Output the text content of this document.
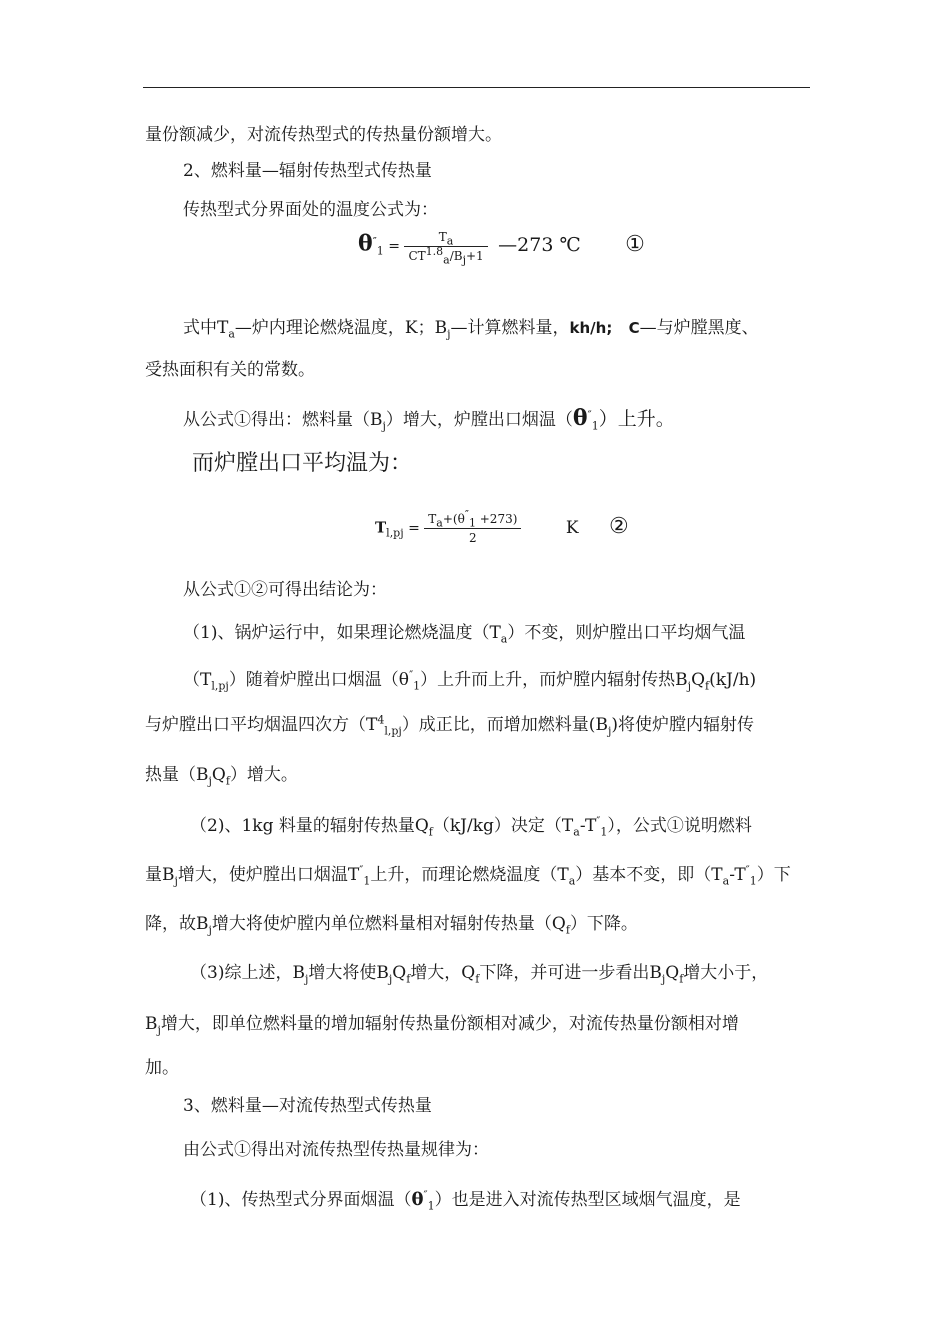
量份额减少，对流传热型式的传热量份额增大。
2、燃料量—辐射传热型式传热量
传热型式分界面处的温度公式为：
$\theta''_1 = \frac{T_a}{CT^{1.8}_a/B_j+1}$ —273 ℃ ①
式中$T_a—$炉内理论燃烧温度，K；$B_j—$计算燃料量，kh/h; C—与炉膛黑度、
受热面积有关的常数。
从公式①得出：燃料量$(B_j)$增大，炉膛出口烟温$(\theta''_1)$上升。
而炉膛出口平均温为：
$T_{l,pj} = \frac{T_a+(\theta''_1 +273)}{2}$	K ②
从公式①②可得出结论为：
（1)、锅炉运行中，如果理论燃烧温度$(T_a)$不变，则炉膛出口平均烟气温
$(T_{l,pj})$随着炉膛出口烟温$(\theta''_1)$上升而上升，而炉膛内辐射传热$B_jQ_f(kJ/h)$
与炉膛出口平均烟温四次方$(T^4_{l,pj})$成正比，而增加燃料量$(B_j)$将使炉膛内辐射传
热量$(B_jQ_f)$增大。
（2)、1kg 料量的辐射传热量$Q_f(kJ/kg)$决定$(T_a-T''_1)$，公式①说明燃料
量$B_j$增大，使炉膛出口烟温$T''_1$上升，而理论燃烧温度$(T_a)$基本不变，即$(T_a-T''_1)$下
降，故$B_j$增大将使炉膛内单位燃料量相对辐射传热量$(Q_f)$下降。
（3)综上述，$B_j$增大将使$B_jQ_f$增大，$Q_f$下降，并可进一步看出$B_jQ_f$增大小于，
$B_j$增大，即单位燃料量的增加辐射传热量份额相对减少，对流传热量份额相对增
加。
3、燃料量—对流传热型式传热量
由公式①得出对流传热型传热量规律为：
（1)、传热型式分界面烟温$(\theta''_1)$也是进入对流传热型区域烟气温度，是
